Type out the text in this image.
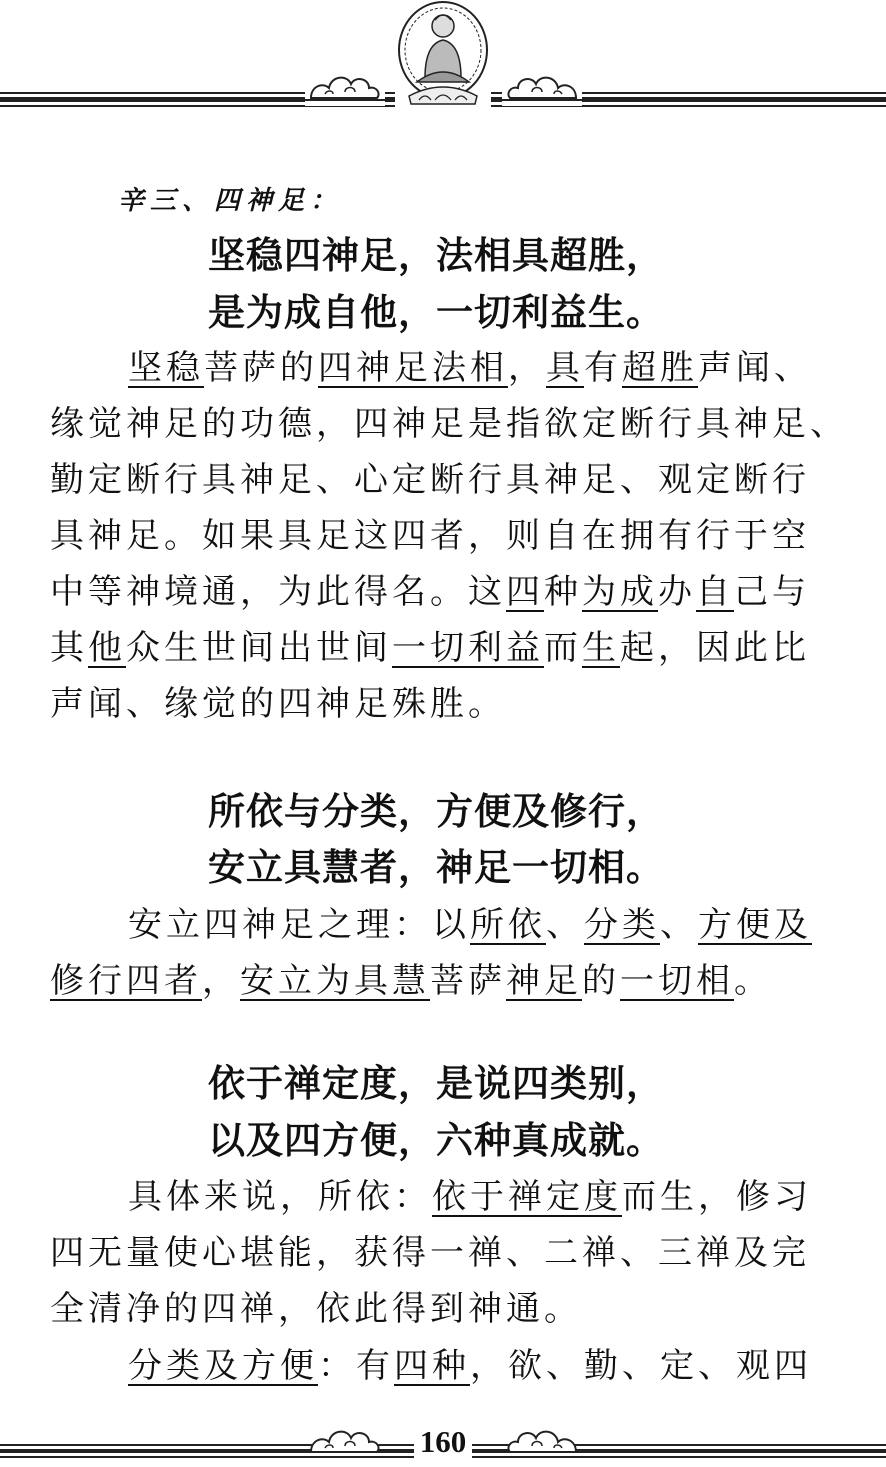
辛三、四神足：
坚稳四神足，法相具超胜，
是为成自他，一切利益生。
坚稳菩萨的四神足法相，具有超胜声闻、
缘觉神足的功德，四神足是指欲定断行具神足、
勤定断行具神足、心定断行具神足、观定断行
具神足。如果具足这四者，则自在拥有行于空
中等神境通，为此得名。这四种为成办自己与
其他众生世间出世间一切利益而生起，因此比
声闻、缘觉的四神足殊胜。
所依与分类，方便及修行，
安立具慧者，神足一切相。
安立四神足之理：以所依、分类、方便及
修行四者，安立为具慧菩萨神足的一切相。
依于禅定度，是说四类别，
以及四方便，六种真成就。
具体来说，所依：依于禅定度而生，修习
四无量使心堪能，获得一禅、二禅、三禅及完
全清净的四禅，依此得到神通。
分类及方便：有四种，欲、勤、定、观四
160
